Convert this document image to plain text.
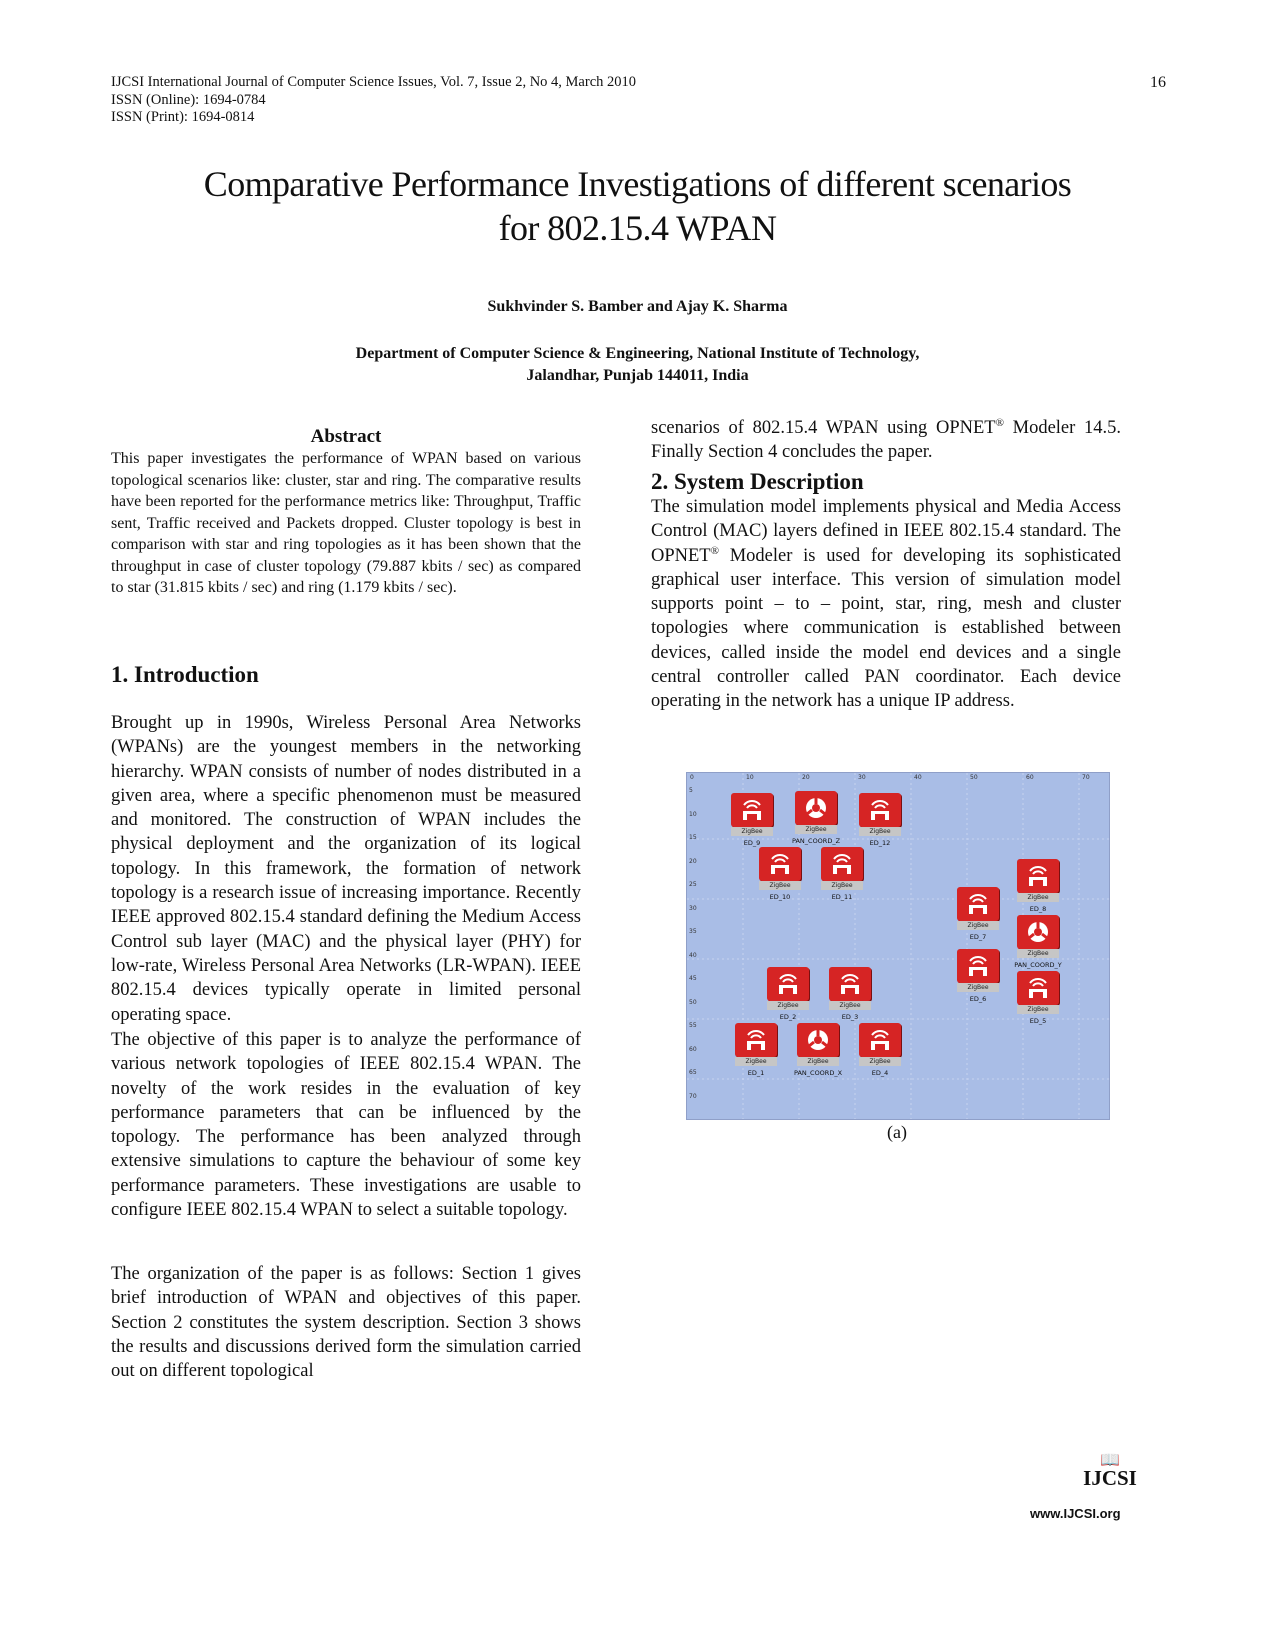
IJCSI International Journal of Computer Science Issues, Vol. 7, Issue 2, No 4, March 2010
ISSN (Online): 1694-0784
ISSN (Print): 1694-0814
16
Comparative Performance Investigations of different scenarios
for 802.15.4 WPAN
Sukhvinder S. Bamber and Ajay K. Sharma
Department of Computer Science & Engineering, National Institute of Technology,
Jalandhar, Punjab 144011, India

Abstract

This paper investigates the performance of WPAN based on various topological scenarios like: cluster, star and ring. The comparative results have been reported for the performance metrics like: Throughput, Traffic sent, Traffic received and Packets dropped. Cluster topology is best in comparison with star and ring topologies as it has been shown that the throughput in case of cluster topology (79.887 kbits / sec) as compared to star (31.815 kbits / sec) and ring (1.179 kbits / sec).

1. Introduction

Brought up in 1990s, Wireless Personal Area Networks (WPANs) are the youngest members in the networking hierarchy. WPAN consists of number of nodes distributed in a given area, where a specific phenomenon must be measured and monitored. The construction of WPAN includes the physical deployment and the organization of its logical topology. In this framework, the formation of network topology is a research issue of increasing importance. Recently IEEE approved 802.15.4 standard defining the Medium Access Control sub layer (MAC) and the physical layer (PHY) for low-rate, Wireless Personal Area Networks (LR-WPAN). IEEE 802.15.4 devices typically operate in limited personal operating space.

The objective of this paper is to analyze the performance of various network topologies of IEEE 802.15.4 WPAN. The novelty of the work resides in the evaluation of key performance parameters that can be influenced by the topology. The performance has been analyzed through extensive simulations to capture the behaviour of some key performance parameters. These investigations are usable to configure IEEE 802.15.4 WPAN to select a suitable topology.

The organization of the paper is as follows: Section 1 gives brief introduction of WPAN and objectives of this paper. Section 2 constitutes the system description. Section 3 shows the results and discussions derived form the simulation carried out on different topological

scenarios of 802.15.4 WPAN using OPNET® Modeler 14.5. Finally Section 4 concludes the paper.

2. System Description

The simulation model implements physical and Media Access Control (MAC) layers defined in IEEE 802.15.4 standard. The OPNET® Modeler is used for developing its sophisticated graphical user interface. This version of simulation model supports point – to – point, star, ring, mesh and cluster topologies where communication is established between devices, called inside the model end devices and a single central controller called PAN coordinator. Each device operating in the network has a unique IP address.

0	10	20	30	40	50	60	70
5
10
15
20
25
30
35
40
45
50
55
60
65
70
ZigBee
ED_9
ZigBee
PAN_COORD_Z
ZigBee
ED_12
ZigBee
ED_10
ZigBee
ED_11	ZigBee
ED_8
ZigBee
ED_7
ZigBee
PAN_COORD_Y
ZigBee
ED_6
ZigBee
ED_2
ZigBee
ED_3
ZigBee
ED_5
ZigBee
ED_1
ZigBee
PAN_COORD_X
ZigBee
ED_4
(a)
📖
IJCSI
www.IJCSI.org
